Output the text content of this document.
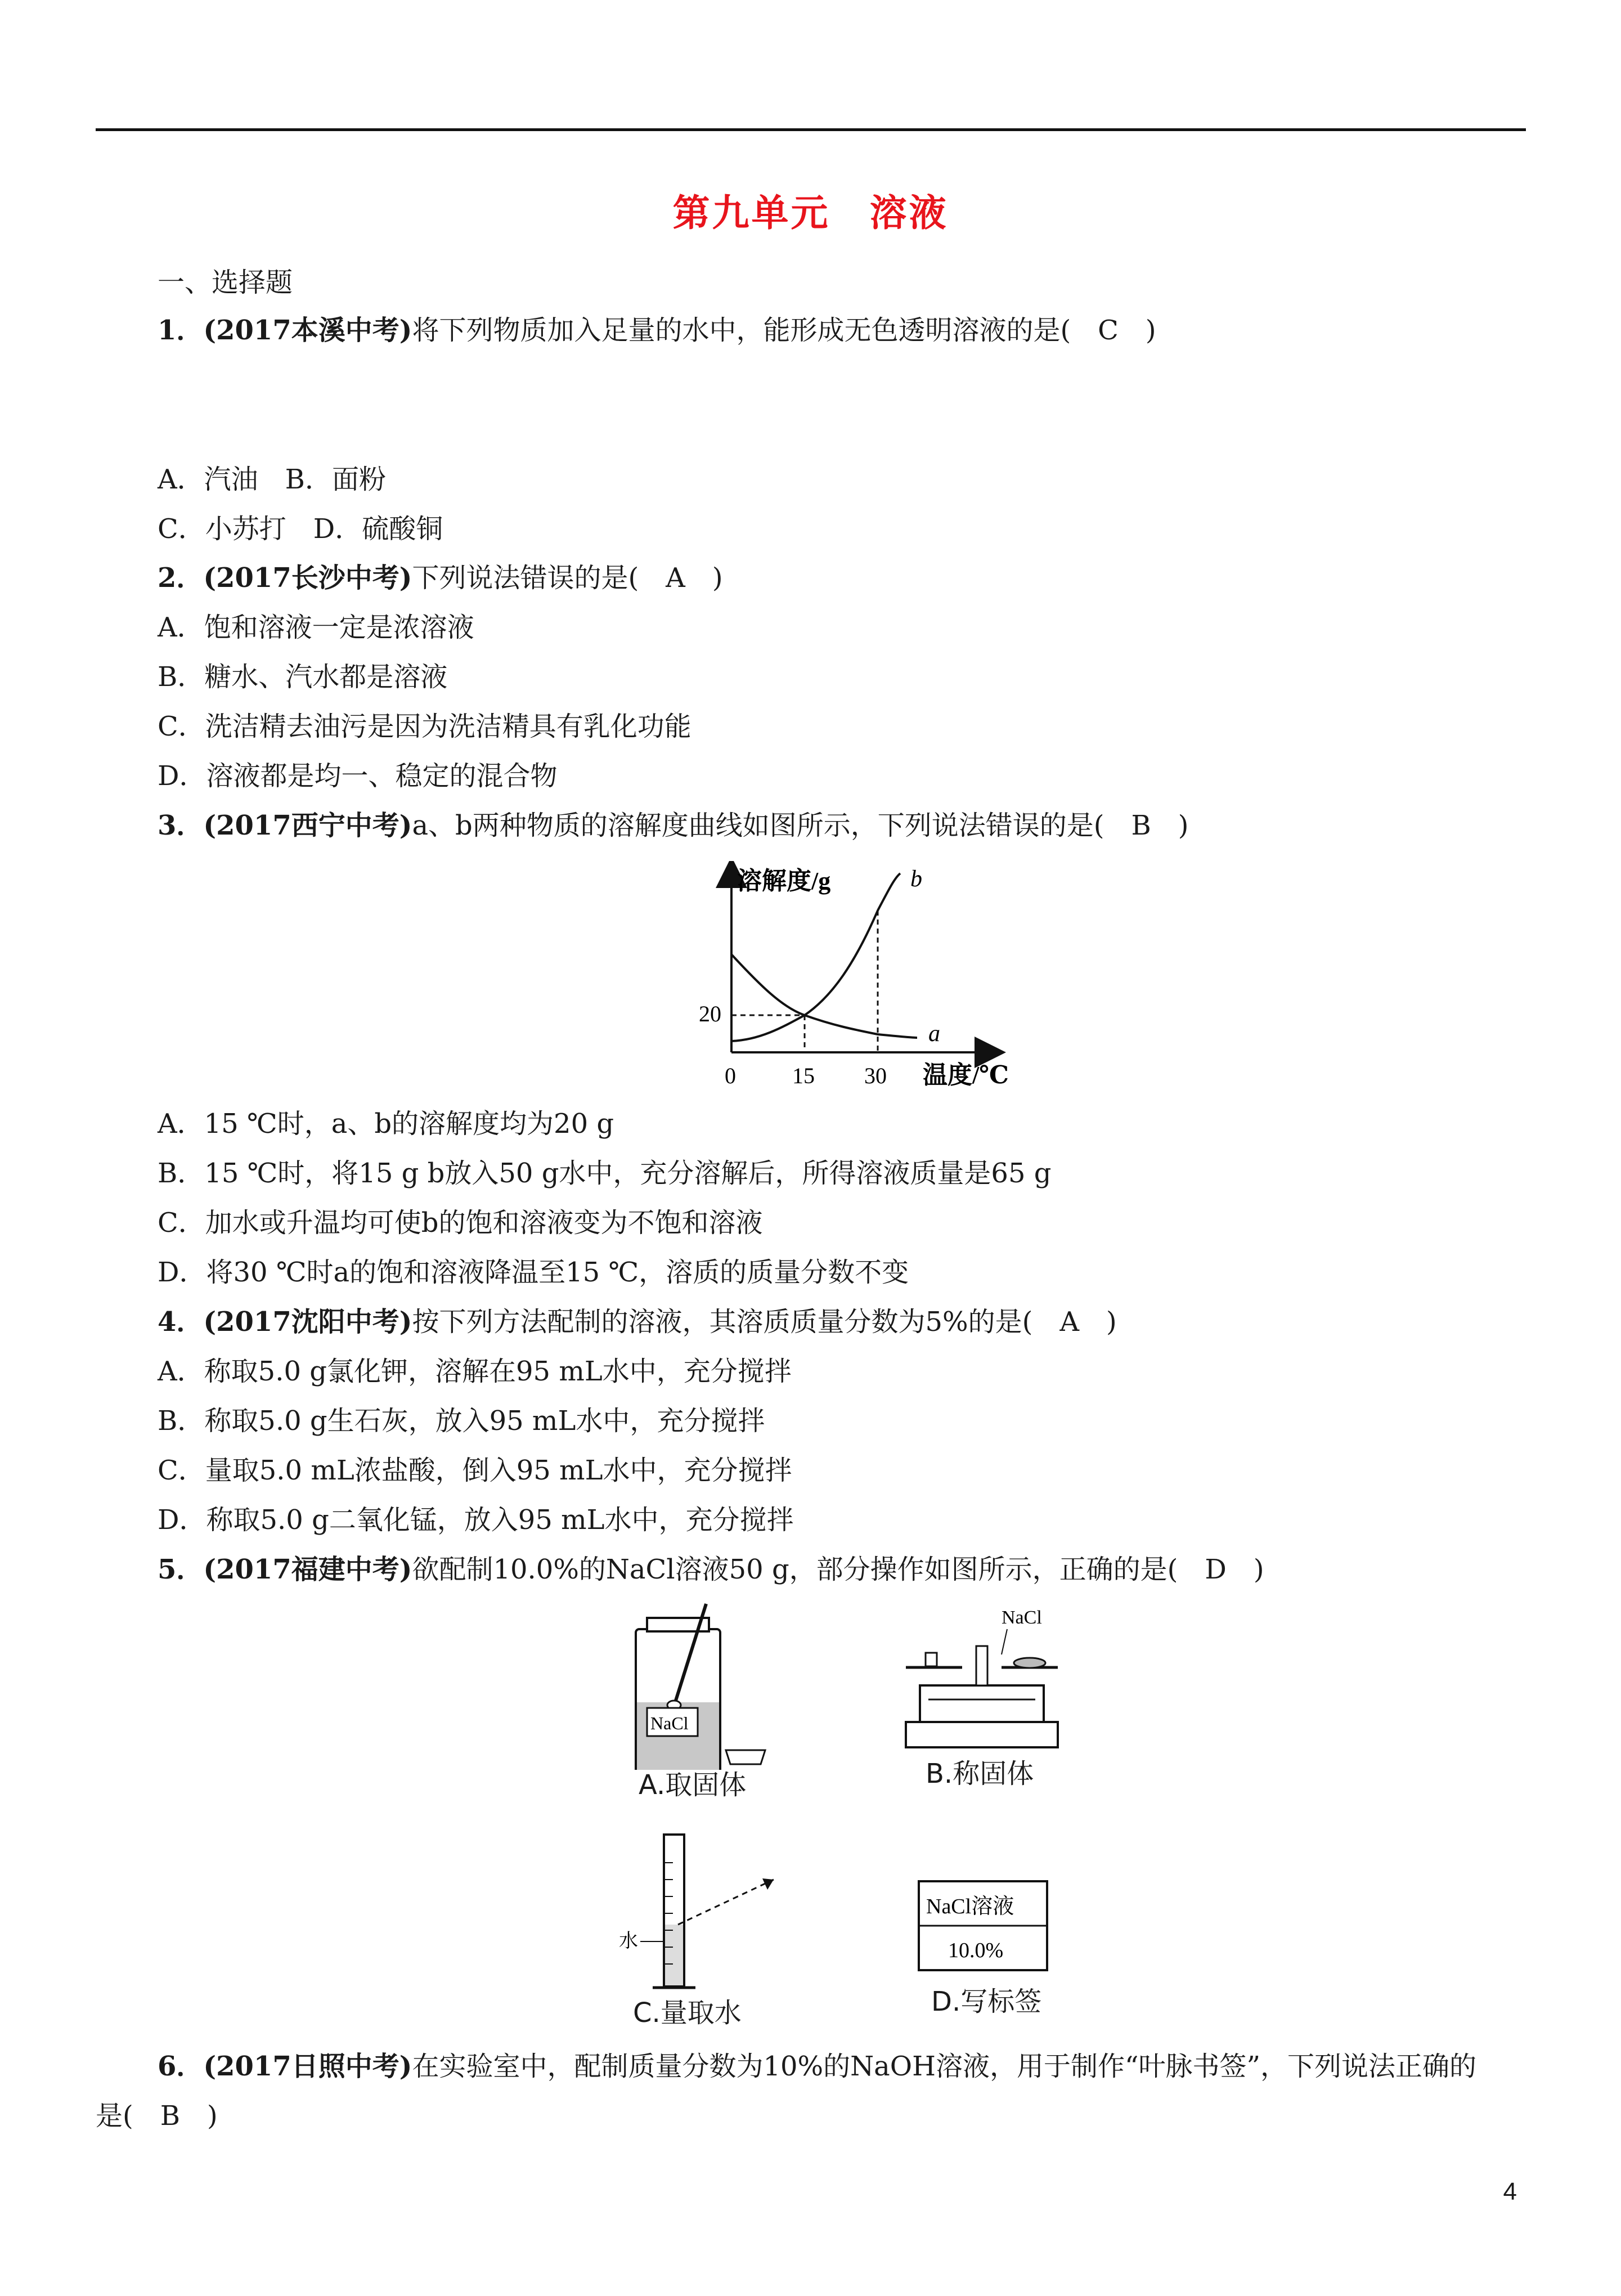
第九单元　溶液
一、选择题
1．(2017本溪中考)将下列物质加入足量的水中，能形成无色透明溶液的是(　C　)
A．汽油　B．面粉
C．小苏打　D．硫酸铜
2．(2017长沙中考)下列说法错误的是(　A　)
A．饱和溶液一定是浓溶液
B．糖水、汽水都是溶液
C．洗洁精去油污是因为洗洁精具有乳化功能
D．溶液都是均一、稳定的混合物
3．(2017西宁中考)a、b两种物质的溶解度曲线如图所示，下列说法错误的是(　B　)
溶解度/g
温度/℃
0	15 30
20
a
b
A．15 ℃时，a、b的溶解度均为20 g
B．15 ℃时，将15 g b放入50 g水中，充分溶解后，所得溶液质量是65 g
C．加水或升温均可使b的饱和溶液变为不饱和溶液
D．将30 ℃时a的饱和溶液降温至15 ℃，溶质的质量分数不变
4．(2017沈阳中考)按下列方法配制的溶液，其溶质质量分数为5%的是(　A　)
A．称取5.0 g氯化钾，溶解在95 mL水中，充分搅拌
B．称取5.0 g生石灰，放入95 mL水中，充分搅拌
C．量取5.0 mL浓盐酸，倒入95 mL水中，充分搅拌
D．称取5.0 g二氧化锰，放入95 mL水中，充分搅拌
5．(2017福建中考)欲配制10.0%的NaCl溶液50 g，部分操作如图所示，正确的是(　D　)
NaCl
A.取固体
NaCl
B.称固体
水
C.量取水
NaCl溶液
10.0%
D.写标签
6．(2017日照中考)在实验室中，配制质量分数为10%的NaOH溶液，用于制作“叶脉书签”，下列说法正确的
是(　B　)
4
